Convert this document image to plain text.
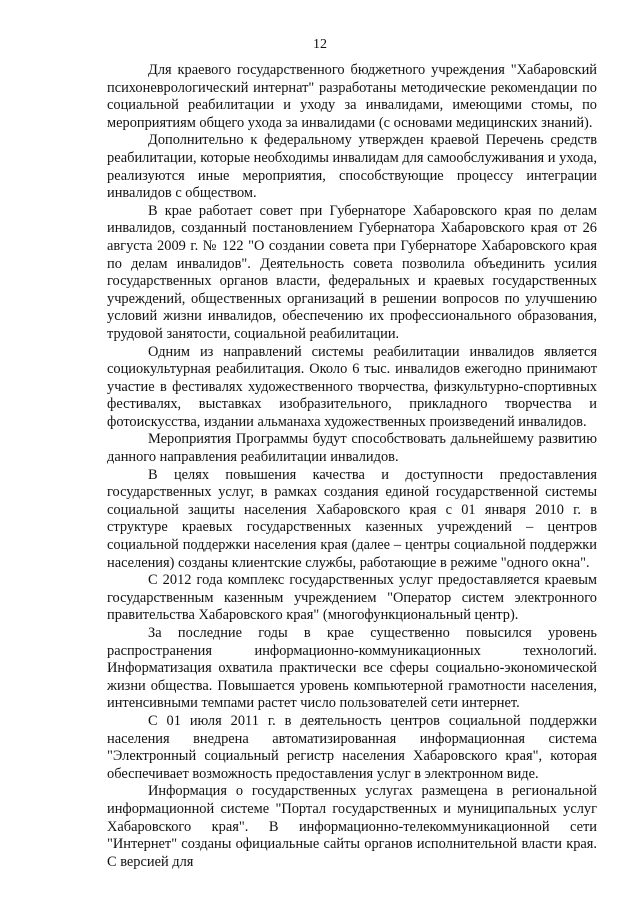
12

Для краевого государственного бюджетного учреждения "Хабаровский психоневрологический интернат" разработаны методические рекомендации по социальной реабилитации и уходу за инвалидами, имеющими стомы, по мероприятиям общего ухода за инвалидами (с основами медицинских знаний).

Дополнительно к федеральному утвержден краевой Перечень средств реабилитации, которые необходимы инвалидам для самообслуживания и ухода, реализуются иные мероприятия, способствующие процессу интеграции инвалидов с обществом.

В крае работает совет при Губернаторе Хабаровского края по делам инвалидов, созданный постановлением Губернатора Хабаровского края от 26 августа 2009 г. № 122 "О создании совета при Губернаторе Хабаровского края по делам инвалидов". Деятельность совета позволила объединить усилия государственных органов власти, федеральных и краевых государственных учреждений, общественных организаций в решении вопросов по улучшению условий жизни инвалидов, обеспечению их профессионального образования, трудовой занятости, социальной реабилитации.

Одним из направлений системы реабилитации инвалидов является социокультурная реабилитация. Около 6 тыс. инвалидов ежегодно принимают участие в фестивалях художественного творчества, физкультурно-спортивных фестивалях, выставках изобразительного, прикладного творчества и фотоискусства, издании альманаха художественных произведений инвалидов.

Мероприятия Программы будут способствовать дальнейшему развитию данного направления реабилитации инвалидов.

В целях повышения качества и доступности предоставления государственных услуг, в рамках создания единой государственной системы социальной защиты населения Хабаровского края с 01 января 2010 г. в структуре краевых государственных казенных учреждений – центров социальной поддержки населения края (далее – центры социальной поддержки населения) созданы клиентские службы, работающие в режиме "одного окна".

С 2012 года комплекс государственных услуг предоставляется краевым государственным казенным учреждением "Оператор систем электронного правительства Хабаровского края" (многофункциональный центр).

За последние годы в крае существенно повысился уровень распространения информационно-коммуникационных технологий. Информатизация охватила практически все сферы социально-экономической жизни общества. Повышается уровень компьютерной грамотности населения, интенсивными темпами растет число пользователей сети интернет.

С 01 июля 2011 г. в деятельность центров социальной поддержки населения внедрена автоматизированная информационная система "Электронный социальный регистр населения Хабаровского края", которая обеспечивает возможность предоставления услуг в электронном виде.

Информация о государственных услугах размещена в региональной информационной системе "Портал государственных и муниципальных услуг Хабаровского края". В информационно-телекоммуникационной сети "Интернет" созданы официальные сайты органов исполнительной власти края. С версией для
